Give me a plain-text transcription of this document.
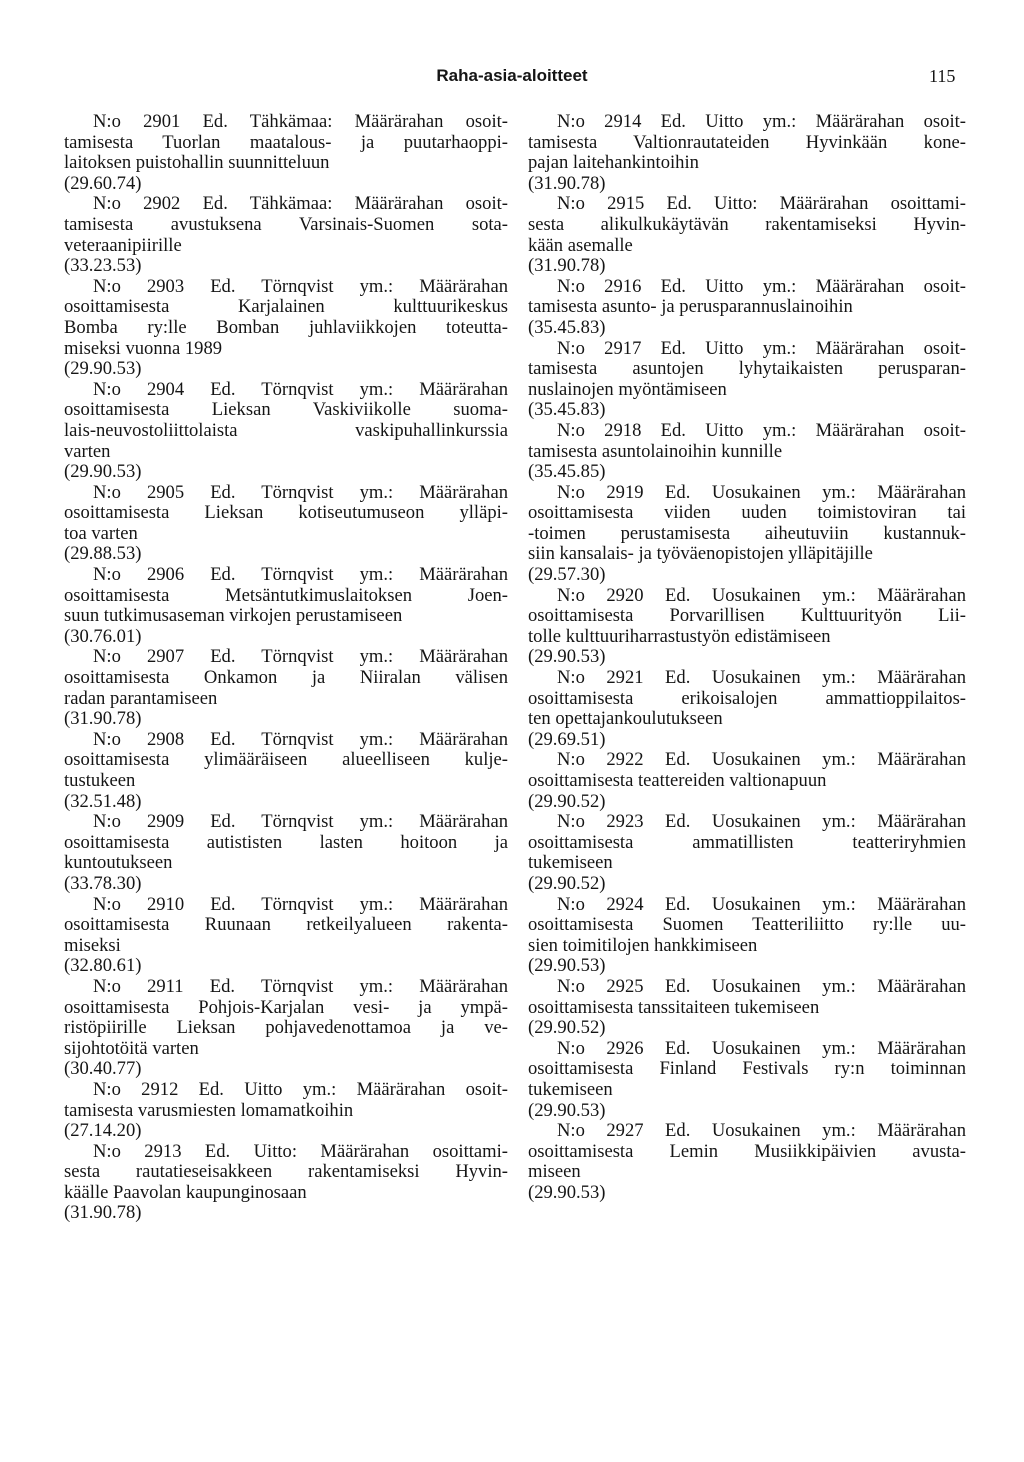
Raha-asia-aloitteet	115
N:o 2901 Ed. Tähkämaa: Määrärahan osoit-
tamisesta Tuorlan maatalous- ja puutarhaoppi-
laitoksen puistohallin suunnitteluun
(29.60.74)
N:o 2902 Ed. Tähkämaa: Määrärahan osoit-
tamisesta avustuksena Varsinais-Suomen sota-
veteraanipiirille
(33.23.53)
N:o 2903 Ed. Törnqvist ym.: Määrärahan
osoittamisesta Karjalainen kulttuurikeskus
Bomba ry:lle Bomban juhlaviikkojen toteutta-
miseksi vuonna 1989
(29.90.53)
N:o 2904 Ed. Törnqvist ym.: Määrärahan
osoittamisesta Lieksan Vaskiviikolle suoma-
lais-neuvostoliittolaista vaskipuhallinkurssia
varten
(29.90.53)
N:o 2905 Ed. Törnqvist ym.: Määrärahan
osoittamisesta Lieksan kotiseutumuseon ylläpi-
toa varten
(29.88.53)
N:o 2906 Ed. Törnqvist ym.: Määrärahan
osoittamisesta Metsäntutkimuslaitoksen Joen-
suun tutkimusaseman virkojen perustamiseen
(30.76.01)
N:o 2907 Ed. Törnqvist ym.: Määrärahan
osoittamisesta Onkamon ja Niiralan välisen
radan parantamiseen
(31.90.78)
N:o 2908 Ed. Törnqvist ym.: Määrärahan
osoittamisesta ylimääräiseen alueelliseen kulje-
tustukeen
(32.51.48)
N:o 2909 Ed. Törnqvist ym.: Määrärahan
osoittamisesta autististen lasten hoitoon ja
kuntoutukseen
(33.78.30)
N:o 2910 Ed. Törnqvist ym.: Määrärahan
osoittamisesta Ruunaan retkeilyalueen rakenta-
miseksi
(32.80.61)
N:o 2911 Ed. Törnqvist ym.: Määrärahan
osoittamisesta Pohjois-Karjalan vesi- ja ympä-
ristöpiirille Lieksan pohjavedenottamoa ja ve-
sijohtotöitä varten
(30.40.77)
N:o 2912 Ed. Uitto ym.: Määrärahan osoit-
tamisesta varusmiesten lomamatkoihin
(27.14.20)
N:o 2913 Ed. Uitto: Määrärahan osoittami-
sesta rautatieseisakkeen rakentamiseksi Hyvin-
käälle Paavolan kaupunginosaan
(31.90.78)
N:o 2914 Ed. Uitto ym.: Määrärahan osoit-
tamisesta Valtionrautateiden Hyvinkään kone-
pajan laitehankintoihin
(31.90.78)
N:o 2915 Ed. Uitto: Määrärahan osoittami-
sesta alikulkukäytävän rakentamiseksi Hyvin-
kään asemalle
(31.90.78)
N:o 2916 Ed. Uitto ym.: Määrärahan osoit-
tamisesta asunto- ja perusparannuslainoihin
(35.45.83)
N:o 2917 Ed. Uitto ym.: Määrärahan osoit-
tamisesta asuntojen lyhytaikaisten perusparan-
nuslainojen myöntämiseen
(35.45.83)
N:o 2918 Ed. Uitto ym.: Määrärahan osoit-
tamisesta asuntolainoihin kunnille
(35.45.85)
N:o 2919 Ed. Uosukainen ym.: Määrärahan
osoittamisesta viiden uuden toimistoviran tai
-toimen perustamisesta aiheutuviin kustannuk-
siin kansalais- ja työväenopistojen ylläpitäjille
(29.57.30)
N:o 2920 Ed. Uosukainen ym.: Määrärahan
osoittamisesta Porvarillisen Kulttuurityön Lii-
tolle kulttuuriharrastustyön edistämiseen
(29.90.53)
N:o 2921 Ed. Uosukainen ym.: Määrärahan
osoittamisesta erikoisalojen ammattioppilaitos-
ten opettajankoulutukseen
(29.69.51)
N:o 2922 Ed. Uosukainen ym.: Määrärahan
osoittamisesta teattereiden valtionapuun
(29.90.52)
N:o 2923 Ed. Uosukainen ym.: Määrärahan
osoittamisesta ammatillisten teatteriryhmien
tukemiseen
(29.90.52)
N:o 2924 Ed. Uosukainen ym.: Määrärahan
osoittamisesta Suomen Teatteriliitto ry:lle uu-
sien toimitilojen hankkimiseen
(29.90.53)
N:o 2925 Ed. Uosukainen ym.: Määrärahan
osoittamisesta tanssitaiteen tukemiseen
(29.90.52)
N:o 2926 Ed. Uosukainen ym.: Määrärahan
osoittamisesta Finland Festivals ry:n toiminnan
tukemiseen
(29.90.53)
N:o 2927 Ed. Uosukainen ym.: Määrärahan
osoittamisesta Lemin Musiikkipäivien avusta-
miseen
(29.90.53)
